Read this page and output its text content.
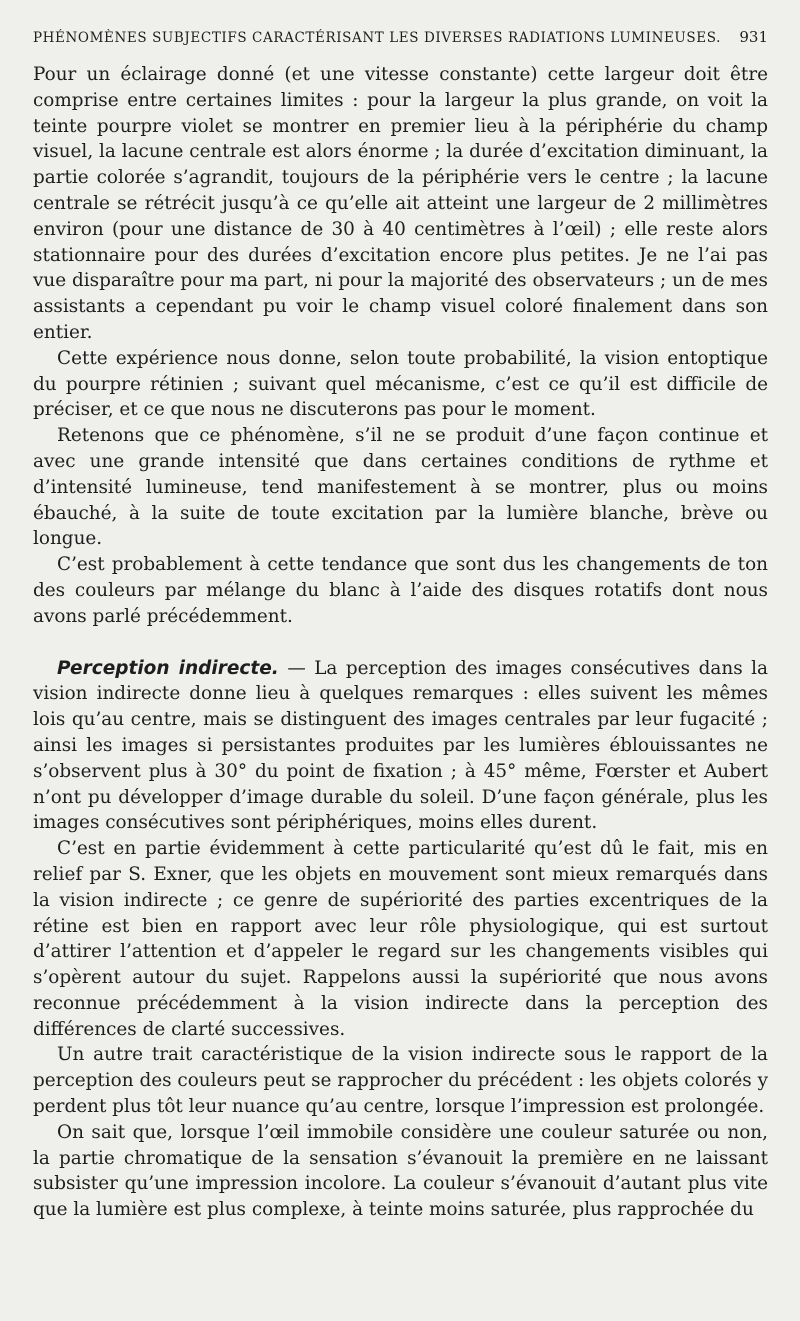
PHÉNOMÈNES SUBJECTIFS CARACTÉRISANT LES DIVERSES RADIATIONS LUMINEUSES. 931

Pour un éclairage donné (et une vitesse constante) cette largeur doit être comprise entre certaines limites : pour la largeur la plus grande, on voit la teinte pourpre violet se montrer en premier lieu à la périphérie du champ visuel, la lacune centrale est alors énorme ; la durée d’excitation diminuant, la partie colorée s’agrandit, toujours de la périphérie vers le centre ; la lacune centrale se rétrécit jusqu’à ce qu’elle ait atteint une largeur de 2 millimètres environ (pour une distance de 30 à 40 centimètres à l’œil) ; elle reste alors stationnaire pour des durées d’excitation encore plus petites. Je ne l’ai pas vue disparaître pour ma part, ni pour la majorité des observateurs ; un de mes assistants a cependant pu voir le champ visuel coloré finalement dans son entier.

Cette expérience nous donne, selon toute probabilité, la vision entoptique du pourpre rétinien ; suivant quel mécanisme, c’est ce qu’il est difficile de préciser, et ce que nous ne discuterons pas pour le moment.

Retenons que ce phénomène, s’il ne se produit d’une façon continue et avec une grande intensité que dans certaines conditions de rythme et d’intensité lumineuse, tend manifestement à se montrer, plus ou moins ébauché, à la suite de toute excitation par la lumière blanche, brève ou longue.

C’est probablement à cette tendance que sont dus les changements de ton des couleurs par mélange du blanc à l’aide des disques rotatifs dont nous avons parlé précédemment.

Perception indirecte. — La perception des images consécutives dans la vision indirecte donne lieu à quelques remarques : elles suivent les mêmes lois qu’au centre, mais se distinguent des images centrales par leur fugacité ; ainsi les images si persistantes produites par les lumières éblouissantes ne s’observent plus à 30° du point de fixation ; à 45° même, Fœrster et Aubert n’ont pu développer d’image durable du soleil. D’une façon générale, plus les images consécutives sont périphériques, moins elles durent.

C’est en partie évidemment à cette particularité qu’est dû le fait, mis en relief par S. Exner, que les objets en mouvement sont mieux remarqués dans la vision indirecte ; ce genre de supériorité des parties excentriques de la rétine est bien en rapport avec leur rôle physiologique, qui est surtout d’attirer l’attention et d’appeler le regard sur les changements visibles qui s’opèrent autour du sujet. Rappelons aussi la supériorité que nous avons reconnue précédemment à la vision indirecte dans la perception des différences de clarté successives.

Un autre trait caractéristique de la vision indirecte sous le rapport de la perception des couleurs peut se rapprocher du précédent : les objets colorés y perdent plus tôt leur nuance qu’au centre, lorsque l’impression est prolongée.

On sait que, lorsque l’œil immobile considère une couleur saturée ou non, la partie chromatique de la sensation s’évanouit la première en ne laissant subsister qu’une impression incolore. La couleur s’évanouit d’autant plus vite que la lumière est plus complexe, à teinte moins saturée, plus rapprochée du
